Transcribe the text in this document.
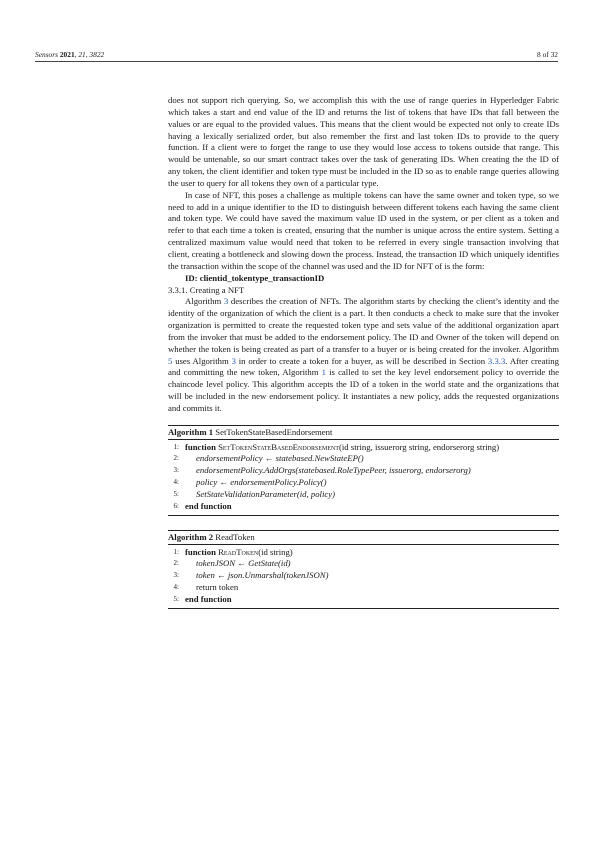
Sensors 2021, 21, 3822	8 of 32

does not support rich querying. So, we accomplish this with the use of range queries in Hyperledger Fabric which takes a start and end value of the ID and returns the list of tokens that have IDs that fall between the values or are equal to the provided values. This means that the client would be expected not only to create IDs having a lexically serialized order, but also remember the first and last token IDs to provide to the query function. If a client were to forget the range to use they would lose access to tokens outside that range. This would be untenable, so our smart contract takes over the task of generating IDs. When creating the the ID of any token, the client identifier and token type must be included in the ID so as to enable range queries allowing the user to query for all tokens they own of a particular type.

In case of NFT, this poses a challenge as multiple tokens can have the same owner and token type, so we need to add in a unique identifier to the ID to distinguish between different tokens each having the same client and token type. We could have saved the maximum value ID used in the system, or per client as a token and refer to that each time a token is created, ensuring that the number is unique across the entire system. Setting a centralized maximum value would need that token to be referred in every single transaction involving that client, creating a bottleneck and slowing down the process. Instead, the transaction ID which uniquely identifies the transaction within the scope of the channel was used and the ID for NFT of is the form:

ID: clientid_tokentype_transactionID

3.3.1. Creating a NFT

Algorithm 3 describes the creation of NFTs. The algorithm starts by checking the client’s identity and the identity of the organization of which the client is a part. It then conducts a check to make sure that the invoker organization is permitted to create the requested token type and sets value of the additional organization apart from the invoker that must be added to the endorsement policy. The ID and Owner of the token will depend on whether the token is being created as part of a transfer to a buyer or is being created for the invoker. Algorithm 5 uses Algorithm 3 in order to create a token for a buyer, as will be described in Section 3.3.3. After creating and committing the new token, Algorithm 1 is called to set the key level endorsement policy to override the chaincode level policy. This algorithm accepts the ID of a token in the world state and the organizations that will be included in the new endorsement policy. It instantiates a new policy, adds the requested organizations and commits it.

Algorithm 1 SetTokenStateBasedEndorsement
1: function SetTokenStateBasedEndorsement(id string, issuerorg string, endorserorg string)
2:	endorsementPolicy ← statebased.NewStateEP()
3:	endorsementPolicy.AddOrgs(statebased.RoleTypePeer, issuerorg, endorserorg)
4:	policy ← endorsementPolicy.Policy()
5:	SetStateValidationParameter(id, policy)
6: end function
Algorithm 2 ReadToken
1: function ReadToken(id string)
2:	tokenJSON ← GetState(id)
3:	token ← json.Unmarshal(tokenJSON)
4:	return token
5: end function
